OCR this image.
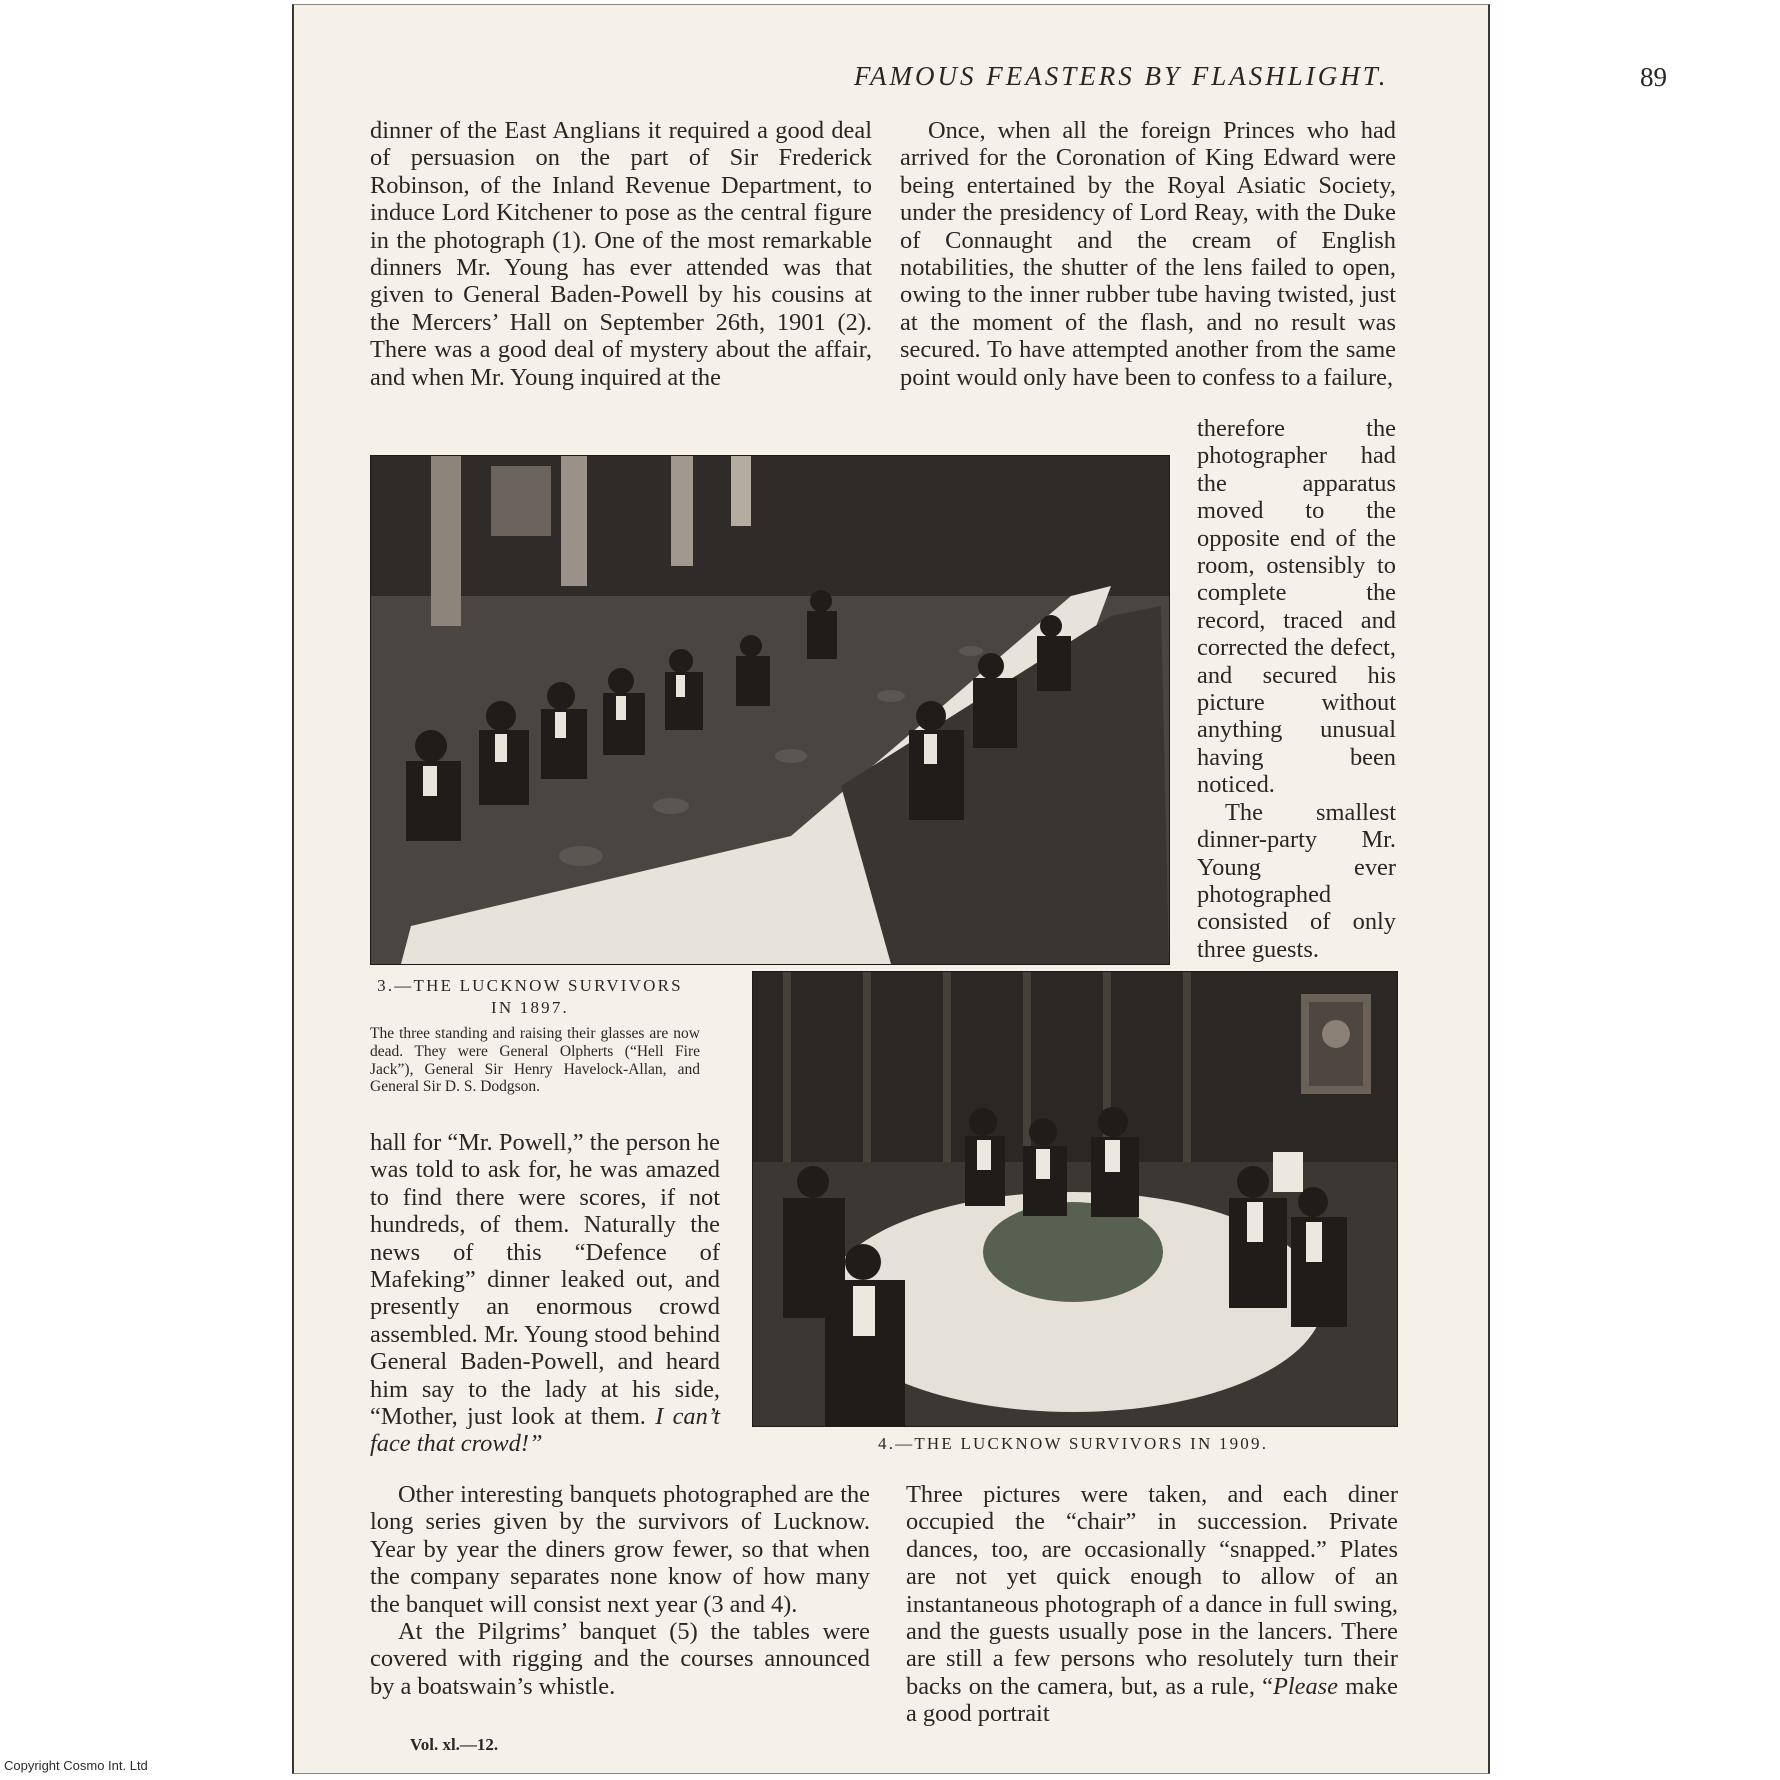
FAMOUS FEASTERS BY FLASHLIGHT.	89

dinner of the East Anglians it required a good deal of persuasion on the part of Sir Frederick Robinson, of the Inland Revenue Department, to induce Lord Kitchener to pose as the central figure in the photograph (1). One of the most remarkable dinners Mr. Young has ever attended was that given to General Baden-Powell by his cousins at the Mercers’ Hall on September 26th, 1901 (2). There was a good deal of mystery about the affair, and when Mr. Young inquired at the

Once, when all the foreign Princes who had arrived for the Coronation of King Edward were being entertained by the Royal Asiatic Society, under the presidency of Lord Reay, with the Duke of Connaught and the cream of English notabilities, the shutter of the lens failed to open, owing to the inner rubber tube having twisted, just at the moment of the flash, and no result was secured. To have attempted another from the same point would only have been to confess to a failure,

therefore the photographer had the apparatus moved to the opposite end of the room, ostensibly to complete the record, traced and corrected the defect, and secured his picture without anything unusual having been noticed.

The smallest dinner-party Mr. Young ever photographed consisted of only three guests.

3.—THE LUCKNOW SURVIVORS IN 1897.
The three standing and raising their glasses are now dead. They were General Olpherts (“Hell Fire Jack”), General Sir Henry Havelock-Allan, and General Sir D. S. Dodgson.
4.—THE LUCKNOW SURVIVORS IN 1909.

hall for “Mr. Powell,” the person he was told to ask for, he was amazed to find there were scores, if not hundreds, of them. Naturally the news of this “Defence of Mafeking” dinner leaked out, and presently an enormous crowd assembled. Mr. Young stood behind General Baden-Powell, and heard him say to the lady at his side, “Mother, just look at them. I can’t face that crowd!”

Other interesting banquets photographed are the long series given by the survivors of Lucknow. Year by year the diners grow fewer, so that when the company separates none know of how many the banquet will consist next year (3 and 4).

At the Pilgrims’ banquet (5) the tables were covered with rigging and the courses announced by a boatswain’s whistle.

Three pictures were taken, and each diner occupied the “chair” in succession. Private dances, too, are occasionally “snapped.” Plates are not yet quick enough to allow of an instantaneous photograph of a dance in full swing, and the guests usually pose in the lancers. There are still a few persons who resolutely turn their backs on the camera, but, as a rule, “Please make a good portrait

Vol. xl.—12.
Copyright Cosmo Int. Ltd
